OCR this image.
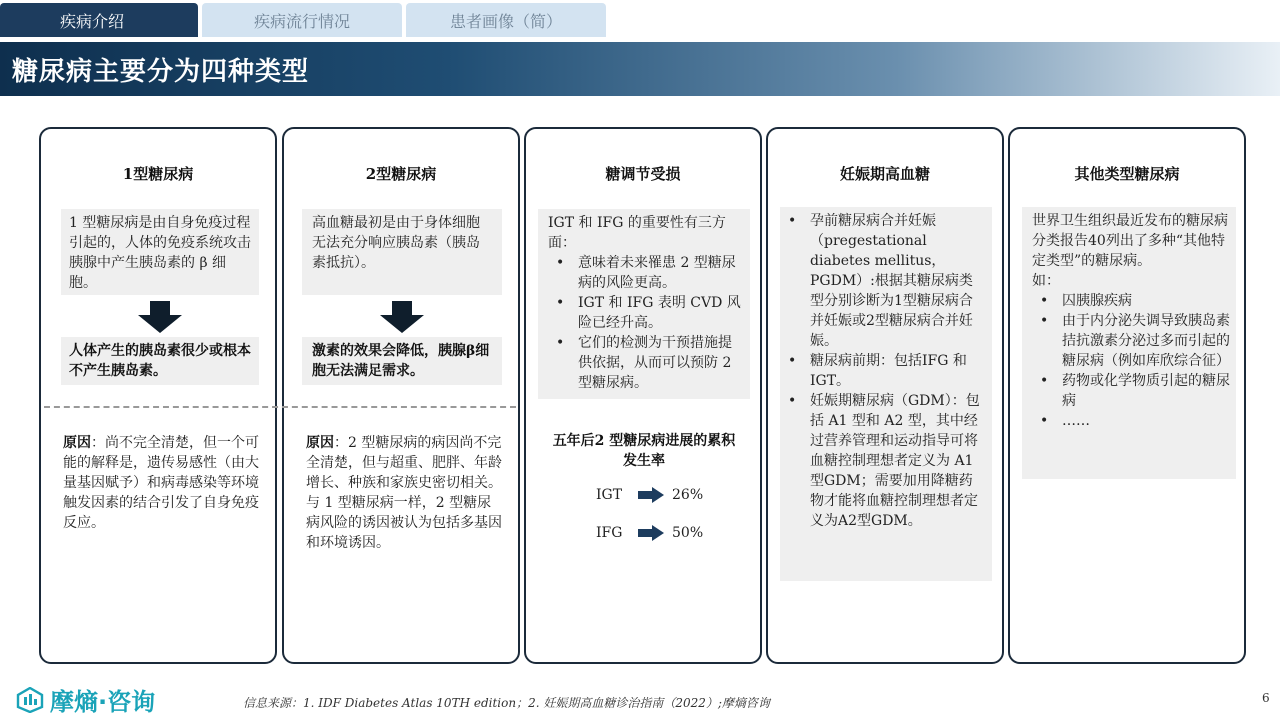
疾病介绍	疾病流行情况	患者画像（简）
糖尿病主要分为四种类型
1型糖尿病
1 型糖尿病是由自身免疫过程引起的，人体的免疫系统攻击胰腺中产生胰岛素的 β 细胞。
人体产生的胰岛素很少或根本不产生胰岛素。
原因：尚不完全清楚，但一个可能的解释是，遗传易感性（由大量基因赋予）和病毒感染等环境触发因素的结合引发了自身免疫反应。
2型糖尿病
高血糖最初是由于身体细胞无法充分响应胰岛素（胰岛素抵抗）。
激素的效果会降低，胰腺β细胞无法满足需求。
原因：2 型糖尿病的病因尚不完全清楚，但与超重、肥胖、年龄增长、种族和家族史密切相关。与 1 型糖尿病一样，2 型糖尿病风险的诱因被认为包括多基因和环境诱因。
糖调节受损
IGT 和 IFG 的重要性有三方面：
• 意味着未来罹患 2 型糖尿病的风险更高。
• IGT 和 IFG 表明 CVD 风险已经升高。
• 它们的检测为干预措施提供依据，从而可以预防 2 型糖尿病。
五年后2 型糖尿病进展的累积发生率
IGT	26%
IFG	50%
妊娠期高血糖
• 孕前糖尿病合并妊娠（pregestational diabetes mellitus，PGDM）:根据其糖尿病类型分别诊断为1型糖尿病合并妊娠或2型糖尿病合并妊娠。
• 糖尿病前期：包括IFG 和 IGT。
• 妊娠期糖尿病（GDM）：包括 A1 型和 A2 型，其中经过营养管理和运动指导可将血糖控制理想者定义为 A1 型GDM；需要加用降糖药物才能将血糖控制理想者定义为A2型GDM。
其他类型糖尿病
世界卫生组织最近发布的糖尿病分类报告40列出了多种“其他特定类型”的糖尿病。
如：
• 囚胰腺疾病
• 由于内分泌失调导致胰岛素拮抗激素分泌过多而引起的糖尿病（例如库欣综合征）
• 药物或化学物质引起的糖尿病
• ……
摩熵·咨询	信息来源：1. IDF Diabetes Atlas 10TH edition；2. 妊娠期高血糖诊治指南（2022）;摩熵咨询	6
